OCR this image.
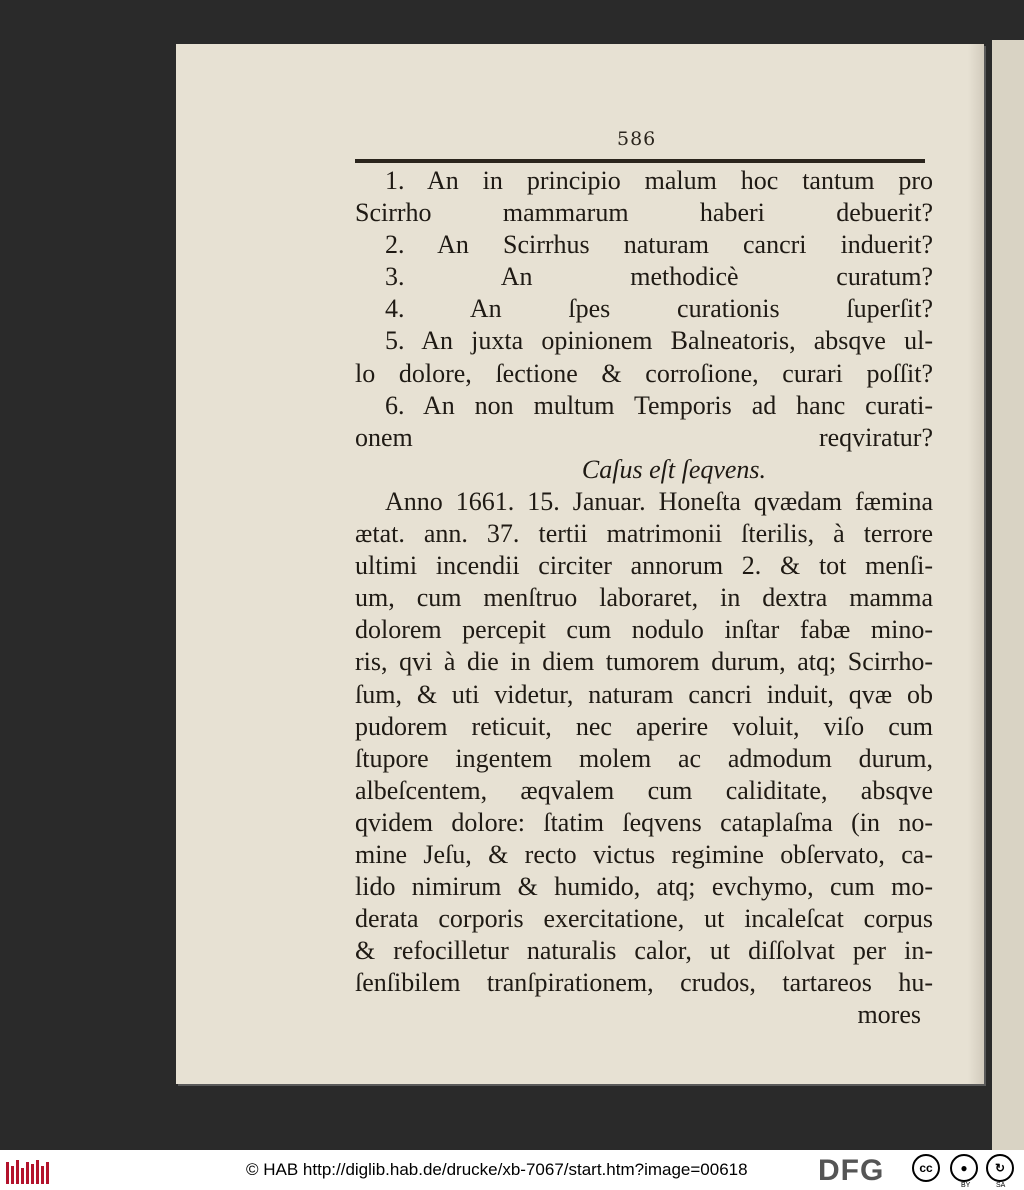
586
1. An in principio malum hoc tantum pro
Scirrho mammarum haberi debuerit?
2. An Scirrhus naturam cancri induerit?
3. An methodicè curatum?
4. An ſpes curationis ſuperſit?
5. An juxta opinionem Balneatoris, absqve ul-
lo dolore, ſectione & corroſione, curari poſſit?
6. An non multum Temporis ad hanc curati-
onem reqviratur?
Caſus eſt ſeqvens.
Anno 1661. 15. Januar. Honeſta qvædam fæmina
ætat. ann. 37. tertii matrimonii ſterilis, à terrore
ultimi incendii circiter annorum 2. & tot menſi-
um, cum menſtruo laboraret, in dextra mamma
dolorem percepit cum nodulo inſtar fabæ mino-
ris, qvi à die in diem tumorem durum, atq; Scirrho-
ſum, & uti videtur, naturam cancri induit, qvæ ob
pudorem reticuit, nec aperire voluit, viſo cum
ſtupore ingentem molem ac admodum durum,
albeſcentem, æqvalem cum caliditate, absqve
qvidem dolore: ſtatim ſeqvens cataplaſma (in no-
mine Jeſu, & recto victus regimine obſervato, ca-
lido nimirum & humido, atq; evchymo, cum mo-
derata corporis exercitatione, ut incaleſcat corpus
& refocilletur naturalis calor, ut diſſolvat per in-
ſenſibilem tranſpirationem, crudos, tartareos hu-
mores
© HAB http://diglib.hab.de/drucke/xb-7067/start.htm?image=00618 DFG	cc	●	↻
BY	SA
